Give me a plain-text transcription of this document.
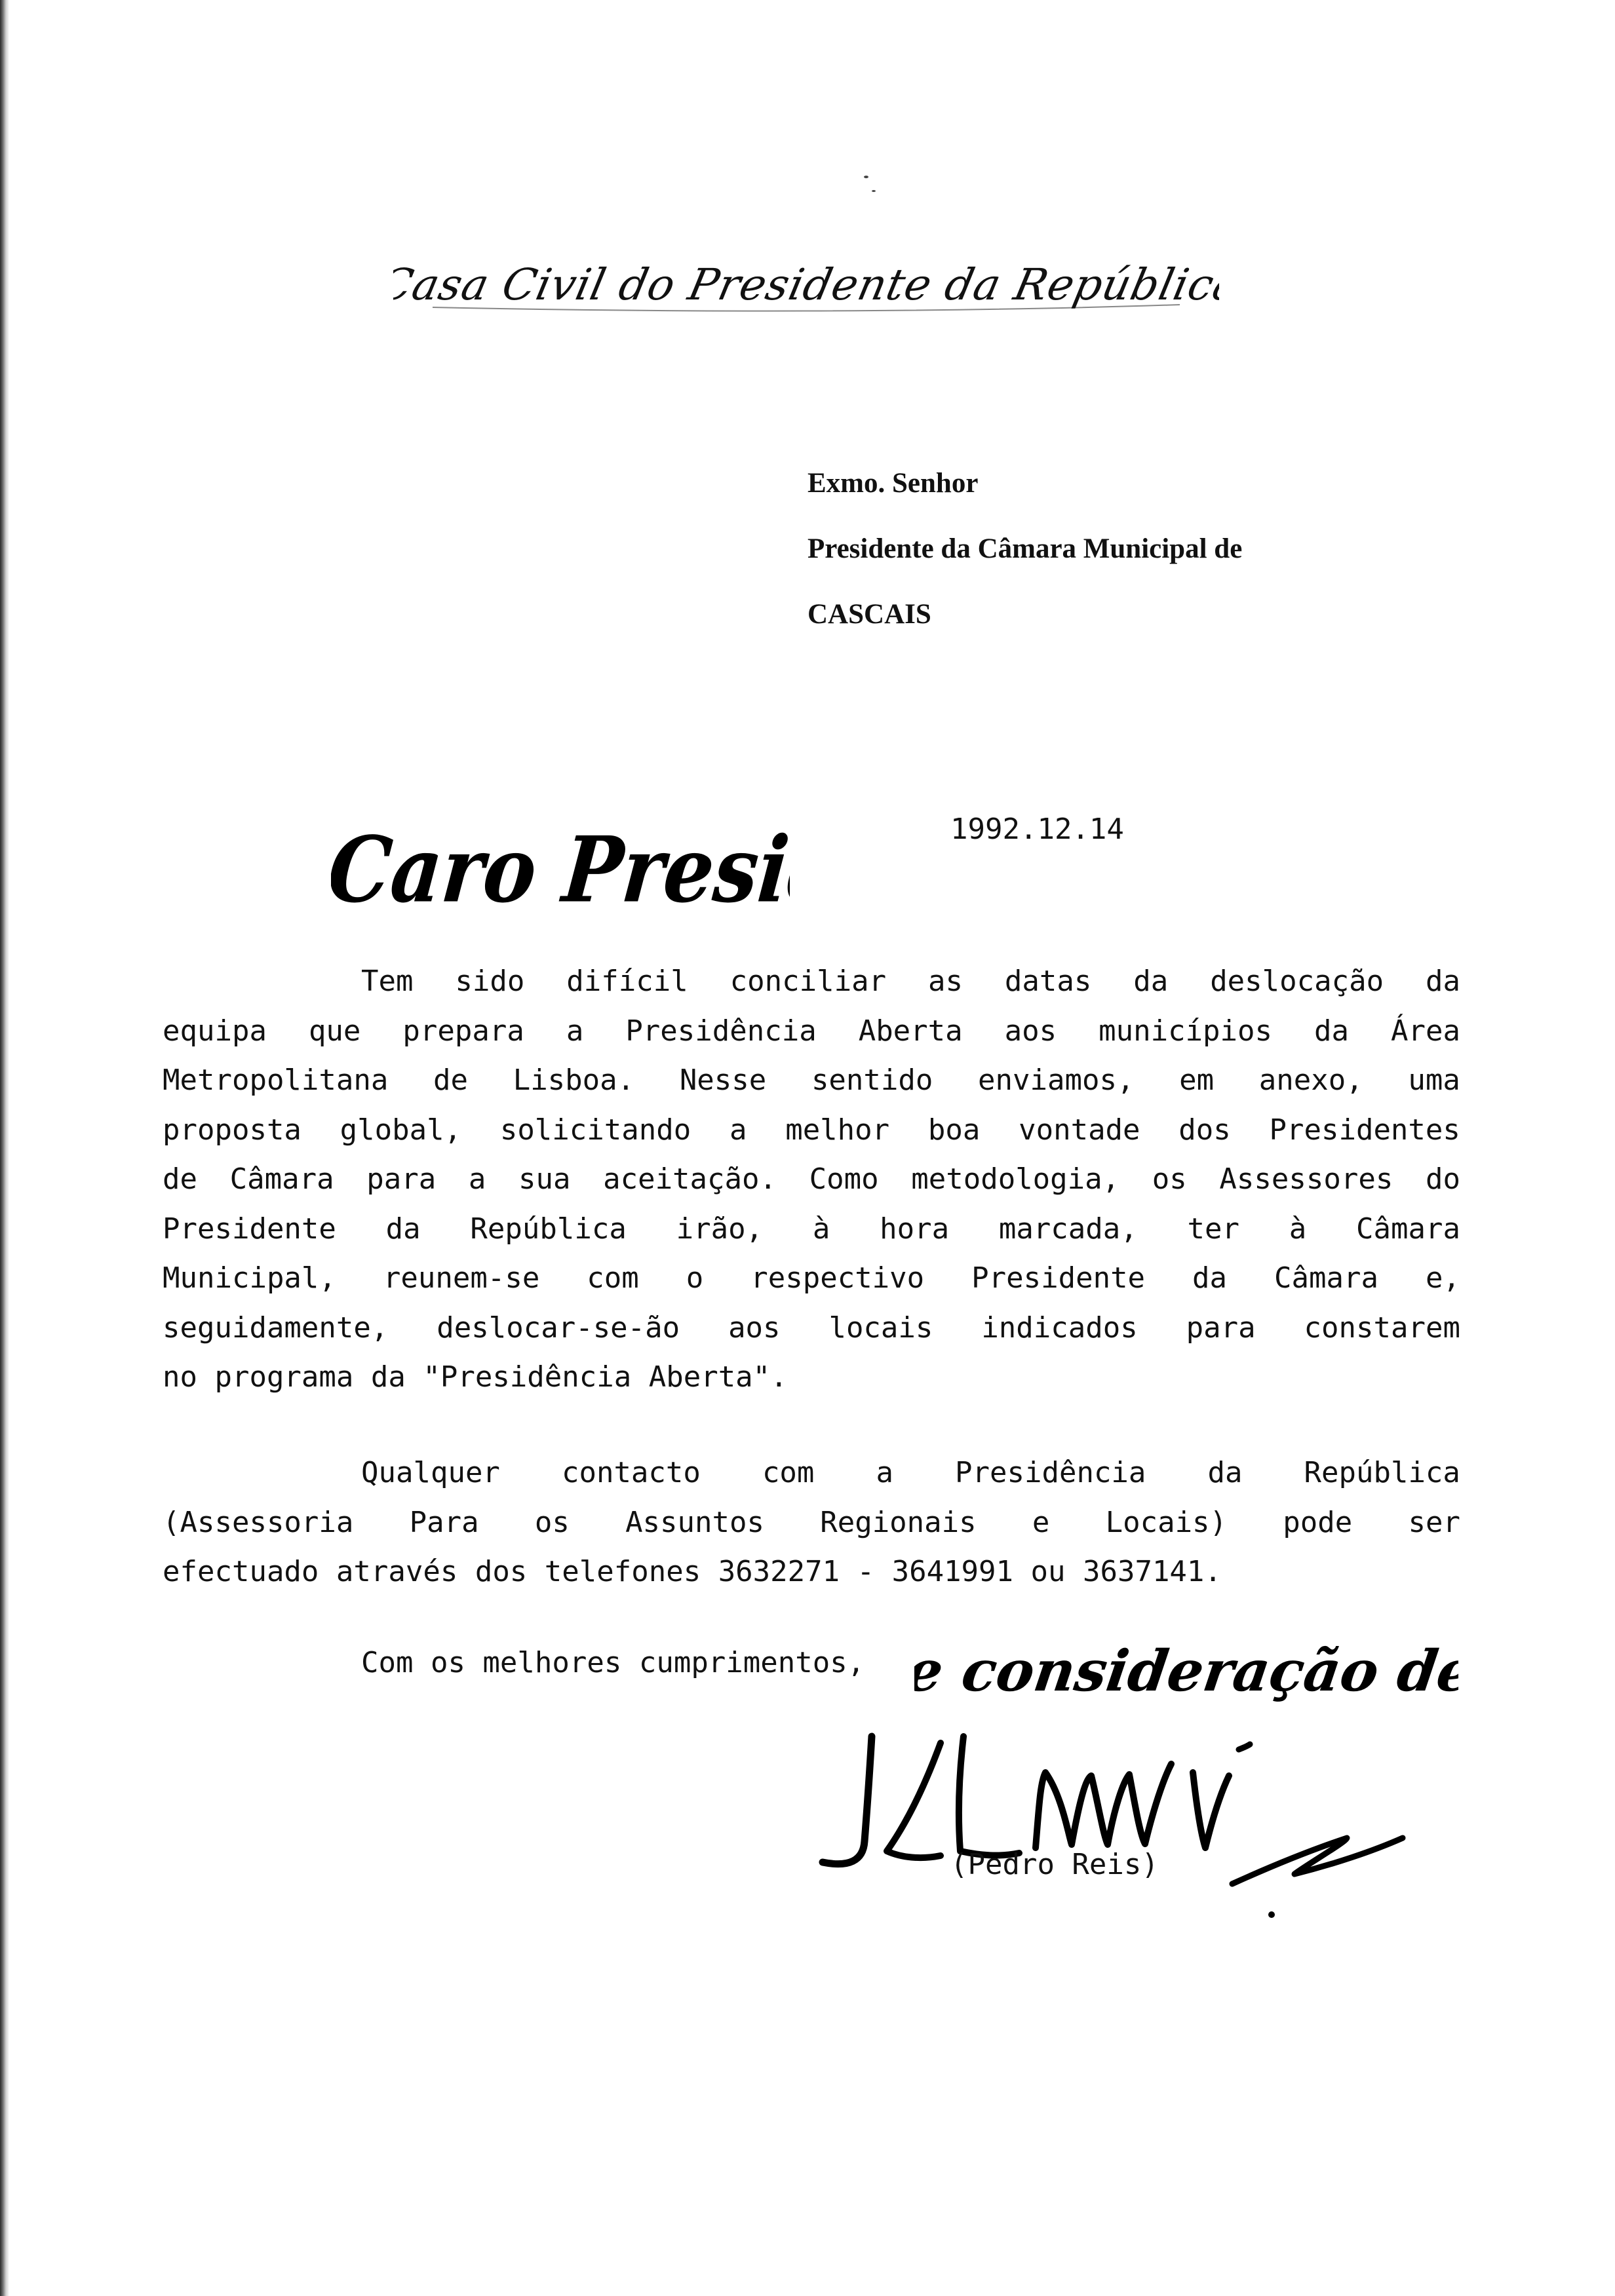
Casa Civil do Presidente da República
Exmo. Senhor
Presidente da Câmara Municipal de
CASCAIS
Caro Presidente:
1992.12.14
Tem sido difícil conciliar as datas da deslocação da
equipa que prepara a Presidência Aberta aos municípios da Área
Metropolitana de Lisboa. Nesse sentido enviamos, em anexo, uma
proposta global, solicitando a melhor boa vontade dos Presidentes
de Câmara para a sua aceitação. Como metodologia, os Assessores do
Presidente da República irão, à hora marcada, ter à Câmara
Municipal, reunem-se com o respectivo Presidente da Câmara e,
seguidamente, deslocar-se-ão aos locais indicados para constarem
no programa da "Presidência Aberta".
Qualquer contacto com a Presidência da República
(Assessoria Para os Assuntos Regionais e Locais) pode ser
efectuado através dos telefones 3632271 - 3641991 ou 3637141.
Com os melhores cumprimentos, e consideração de,
(Pedro Reis)
